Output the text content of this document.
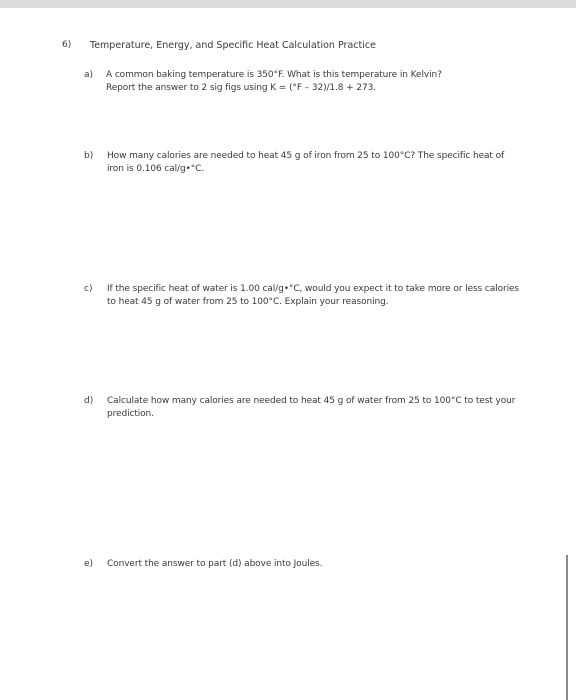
6) Temperature, Energy, and Specific Heat Calculation Practice
a) A common baking temperature is 350°F. What is this temperature in Kelvin?
Report the answer to 2 sig figs using K = (°F – 32)/1.8 + 273.
b) How many calories are needed to heat 45 g of iron from 25 to 100°C? The specific heat of
iron is 0.106 cal/g•°C.
c) If the specific heat of water is 1.00 cal/g•°C, would you expect it to take more or less calories
to heat 45 g of water from 25 to 100°C. Explain your reasoning.
d) Calculate how many calories are needed to heat 45 g of water from 25 to 100°C to test your
prediction.
e) Convert the answer to part (d) above into Joules.
